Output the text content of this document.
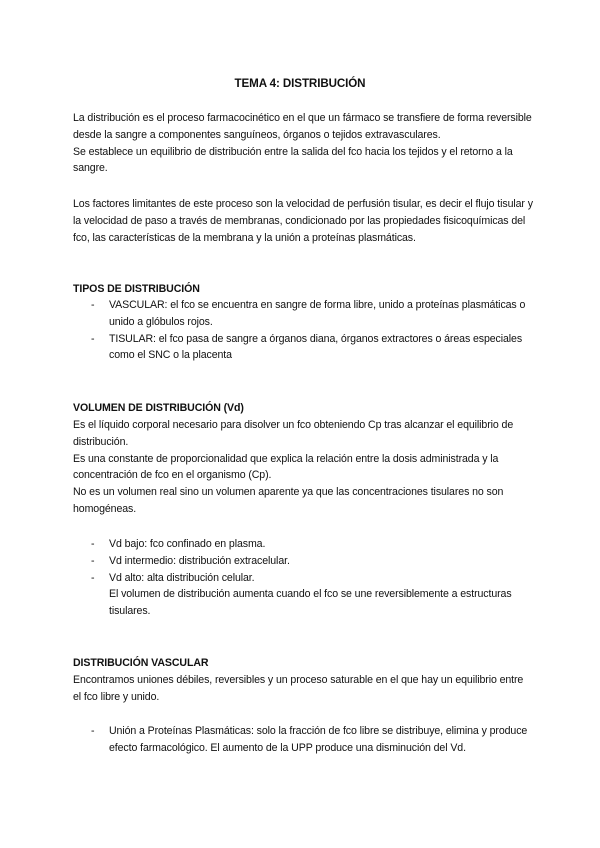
TEMA 4: DISTRIBUCIÓN

La distribución es el proceso farmacocinético en el que un fármaco se transfiere de forma reversible desde la sangre a componentes sanguíneos, órganos o tejidos extravasculares.

Se establece un equilibrio de distribución entre la salida del fco hacia los tejidos y el retorno a la sangre.

Los factores limitantes de este proceso son la velocidad de perfusión tisular, es decir el flujo tisular y la velocidad de paso a través de membranas, condicionado por las propiedades fisicoquímicas del fco, las características de la membrana y la unión a proteínas plasmáticas.

TIPOS DE DISTRIBUCIÓN
- VASCULAR: el fco se encuentra en sangre de forma libre, unido a proteínas plasmáticas o unido a glóbulos rojos.
- TISULAR: el fco pasa de sangre a órganos diana, órganos extractores o áreas especiales como el SNC o la placenta
VOLUMEN DE DISTRIBUCIÓN (Vd)

Es el líquido corporal necesario para disolver un fco obteniendo Cp tras alcanzar el equilibrio de distribución.

Es una constante de proporcionalidad que explica la relación entre la dosis administrada y la concentración de fco en el organismo (Cp).

No es un volumen real sino un volumen aparente ya que las concentraciones tisulares no son homogéneas.

- Vd bajo: fco confinado en plasma.
- Vd intermedio: distribución extracelular.
- Vd alto: alta distribución celular.

El volumen de distribución aumenta cuando el fco se une reversiblemente a estructuras tisulares.

DISTRIBUCIÓN VASCULAR

Encontramos uniones débiles, reversibles y un proceso saturable en el que hay un equilibrio entre el fco libre y unido.

- Unión a Proteínas Plasmáticas: solo la fracción de fco libre se distribuye, elimina y produce efecto farmacológico. El aumento de la UPP produce una disminución del Vd.
